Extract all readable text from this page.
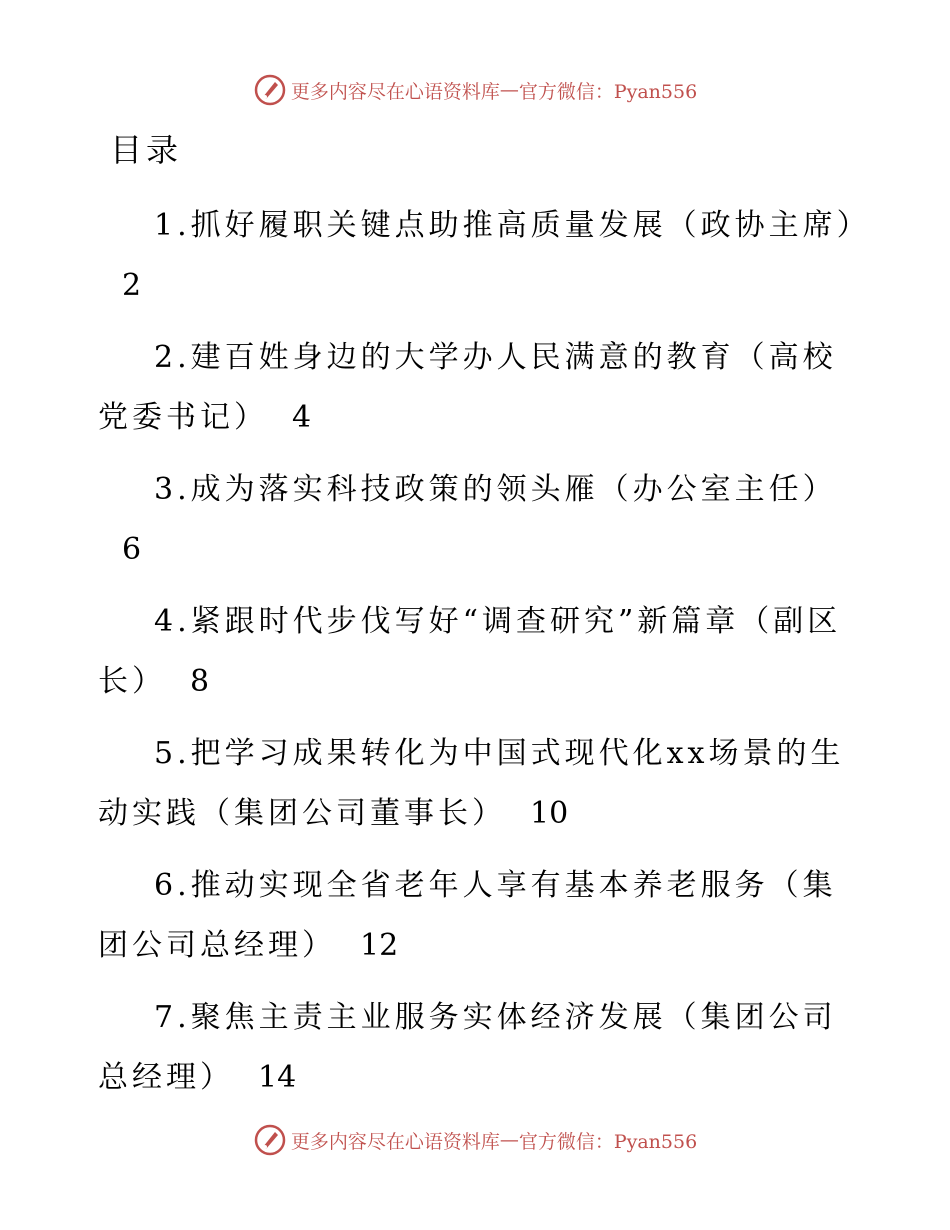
更多内容尽在心语资料库 — 官方微信：Pyan556
目录
1.抓好履职关键点助推高质量发展（政协主席）2
2.建百姓身边的大学办人民满意的教育（高校党委书记） 4
3.成为落实科技政策的领头雁（办公室主任）6
4.紧跟时代步伐写好“调查研究”新篇章（副区长） 8
5.把学习成果转化为中国式现代化xx场景的生动实践（集团公司董事长） 10
6.推动实现全省老年人享有基本养老服务（集团公司总经理） 12
7.聚焦主责主业服务实体经济发展（集团公司总经理） 14
更多内容尽在心语资料库 — 官方微信：Pyan556
